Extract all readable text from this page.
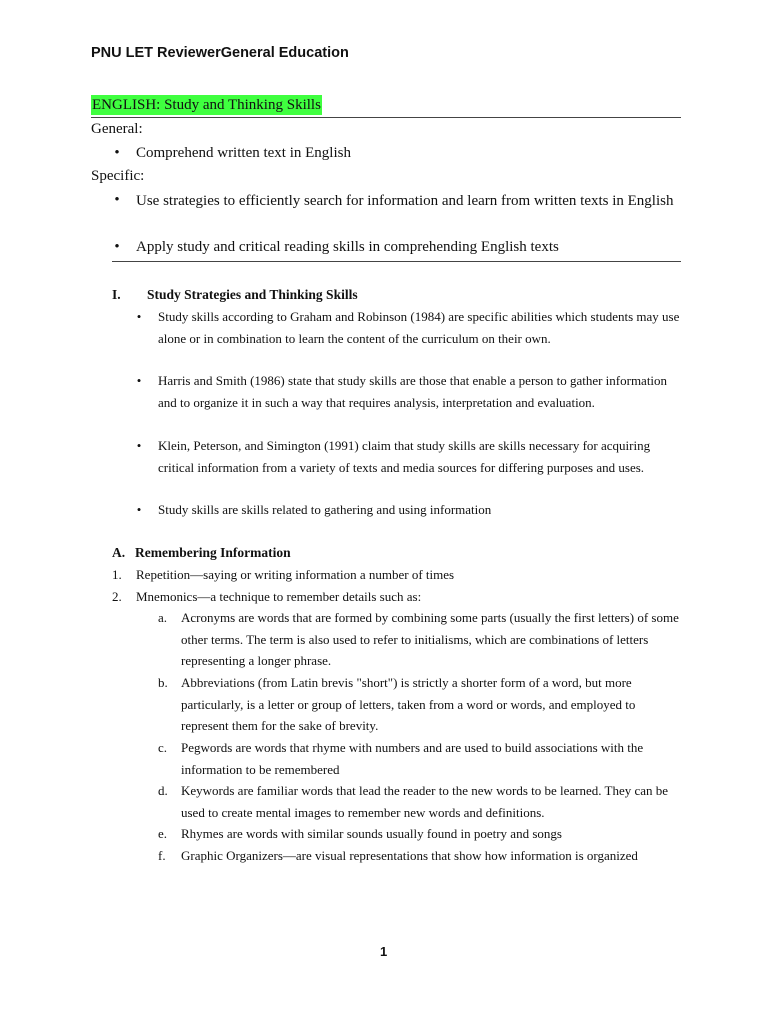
PNU LET ReviewerGeneral Education
ENGLISH: Study and Thinking Skills
General:
• Comprehend written text in English
Specific:
• Use strategies to efficiently search for information and learn from written texts in English
• Apply study and critical reading skills in comprehending English texts
I. Study Strategies and Thinking Skills
• Study skills according to Graham and Robinson (1984) are specific abilities which students may use alone or in combination to learn the content of the curriculum on their own.
• Harris and Smith (1986) state that study skills are those that enable a person to gather information and to organize it in such a way that requires analysis, interpretation and evaluation.
• Klein, Peterson, and Simington (1991) claim that study skills are skills necessary for acquiring critical information from a variety of texts and media sources for differing purposes and uses.
• Study skills are skills related to gathering and using information
A. Remembering Information
1. Repetition—saying or writing information a number of times
2. Mnemonics—a technique to remember details such as:
a. Acronyms are words that are formed by combining some parts (usually the first letters) of some other terms. The term is also used to refer to initialisms, which are combinations of letters representing a longer phrase.
b. Abbreviations (from Latin brevis "short") is strictly a shorter form of a word, but more particularly, is a letter or group of letters, taken from a word or words, and employed to represent them for the sake of brevity.
c. Pegwords are words that rhyme with numbers and are used to build associations with the information to be remembered
d. Keywords are familiar words that lead the reader to the new words to be learned. They can be used to create mental images to remember new words and definitions.
e. Rhymes are words with similar sounds usually found in poetry and songs
f. Graphic Organizers—are visual representations that show how information is organized
1
